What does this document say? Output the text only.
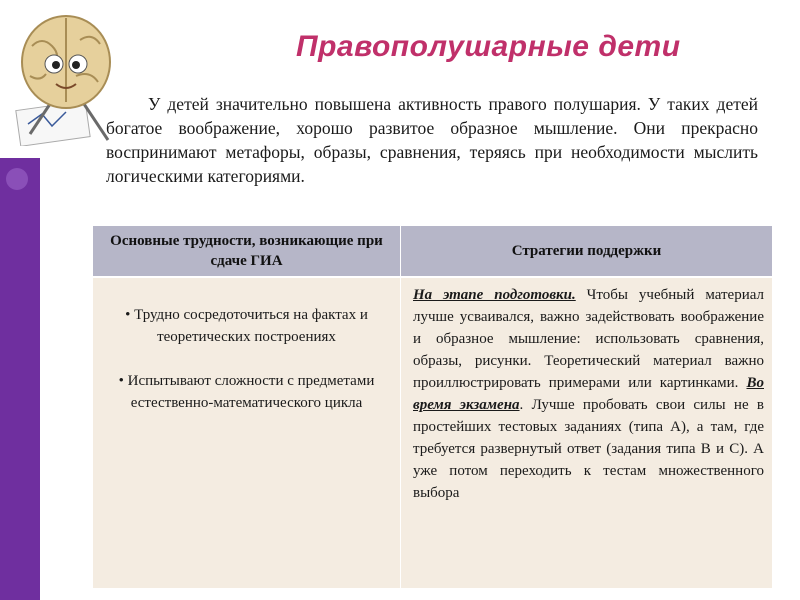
Правополушарные дети
У детей значительно повышена активность правого полушария. У таких детей богатое воображение, хорошо развитое образное мышление. Они прекрасно воспринимают метафоры, образы, сравнения, теряясь при необходимости мыслить логическими категориями.
Основные трудности, возникающие при сдаче ГИА	Стратегии поддержки

• Трудно сосредоточиться на фактах и теоретических построениях

• Испытывают сложности с предметами естественно-математического цикла	На этапе подготовки. Чтобы учебный материал лучше усваивался, важно задействовать воображение и образное мышление: использовать сравнения, образы, рисунки. Теоретический материал важно проиллюстрировать примерами или картинками. Во время экзамена. Лучше пробовать свои силы не в простейших тестовых заданиях (типа А), а там, где требуется развернутый ответ (задания типа В и С). А уже потом переходить к тестам множественного выбора
